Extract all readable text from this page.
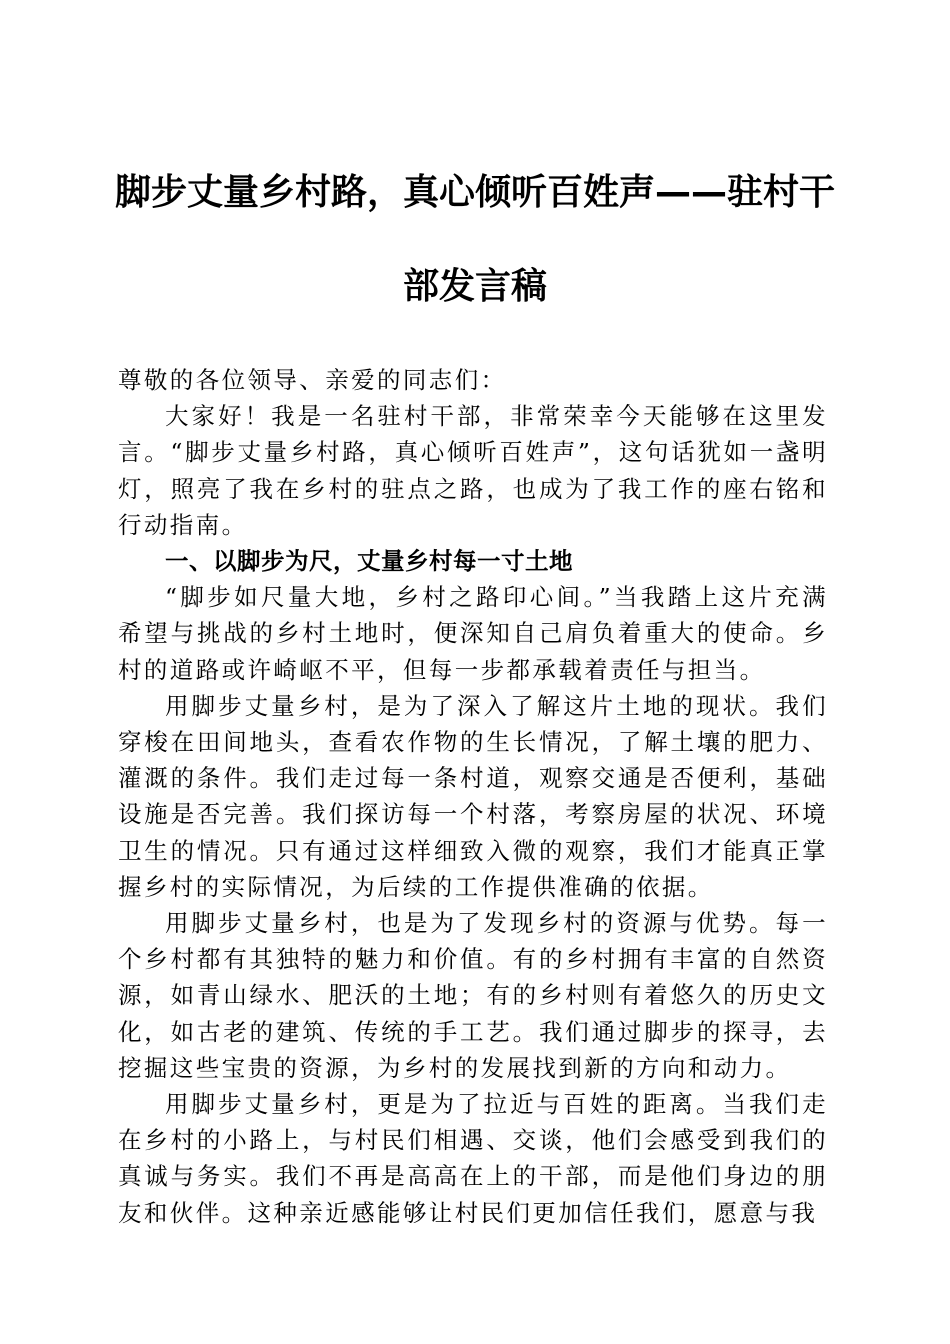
脚步丈量乡村路，真心倾听百姓声——驻村干
部发言稿

尊敬的各位领导、亲爱的同志们：

大家好！我是一名驻村干部，非常荣幸今天能够在这里发言。“脚步丈量乡村路，真心倾听百姓声”，这句话犹如一盏明灯，照亮了我在乡村的驻点之路，也成为了我工作的座右铭和行动指南。

一、以脚步为尺，丈量乡村每一寸土地

“脚步如尺量大地，乡村之路印心间。”当我踏上这片充满希望与挑战的乡村土地时，便深知自己肩负着重大的使命。乡村的道路或许崎岖不平，但每一步都承载着责任与担当。

用脚步丈量乡村，是为了深入了解这片土地的现状。我们穿梭在田间地头，查看农作物的生长情况，了解土壤的肥力、灌溉的条件。我们走过每一条村道，观察交通是否便利，基础设施是否完善。我们探访每一个村落，考察房屋的状况、环境卫生的情况。只有通过这样细致入微的观察，我们才能真正掌握乡村的实际情况，为后续的工作提供准确的依据。

用脚步丈量乡村，也是为了发现乡村的资源与优势。每一个乡村都有其独特的魅力和价值。有的乡村拥有丰富的自然资源，如青山绿水、肥沃的土地；有的乡村则有着悠久的历史文化，如古老的建筑、传统的手工艺。我们通过脚步的探寻，去挖掘这些宝贵的资源，为乡村的发展找到新的方向和动力。

用脚步丈量乡村，更是为了拉近与百姓的距离。当我们走在乡村的小路上，与村民们相遇、交谈，他们会感受到我们的真诚与务实。我们不再是高高在上的干部，而是他们身边的朋友和伙伴。这种亲近感能够让村民们更加信任我们，愿意与我
